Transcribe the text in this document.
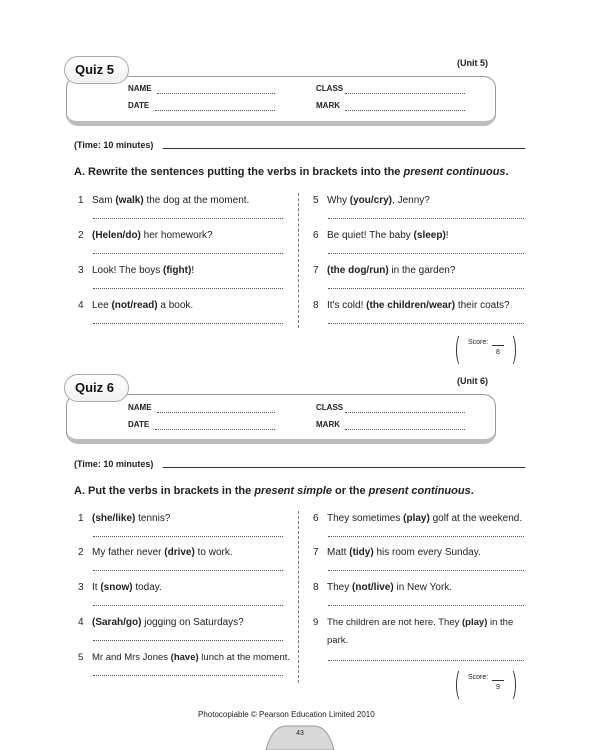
Quiz 5	(Unit 5)
NAME	CLASS
DATE	MARK
(Time: 10 minutes)
A. Rewrite the sentences putting the verbs in brackets into the present continuous.
1 Sam (walk) the dog at the moment.
2 (Helen/do) her homework?
3 Look! The boys (fight)!
4 Lee (not/read) a book.
5 Why (you/cry), Jenny?
6 Be quiet! The baby (sleep)!
7 (the dog/run) in the garden?
8 It's cold! (the children/wear) their coats?
Score:
8
Quiz 6	(Unit 6)
NAME	CLASS
DATE	MARK
(Time: 10 minutes)
A. Put the verbs in brackets in the present simple or the present continuous.
1 (she/like) tennis?
2 My father never (drive) to work.
3 It (snow) today.
4 (Sarah/go) jogging on Saturdays?
5 Mr and Mrs Jones (have) lunch at the moment.
6 They sometimes (play) golf at the weekend.
7 Matt (tidy) his room every Sunday.
8 They (not/live) in New York.
9 The children are not here. They (play) in the
park.
Score:
9
Photocopiable © Pearson Education Limited 2010
43
